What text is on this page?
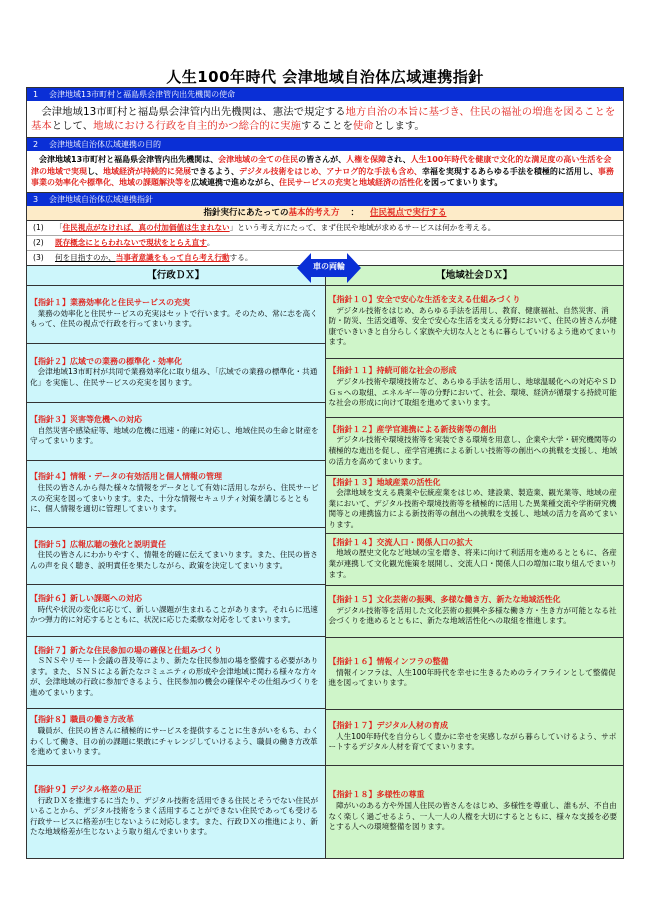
人生100年時代 会津地域自治体広域連携指針
1 会津地域13市町村と福島県会津管内出先機関の使命
会津地域13市町村と福島県会津管内出先機関は、憲法で規定する地方自治の本旨に基づき、住民の福祉の増進を図ることを基本として、地域における行政を自主的かつ総合的に実施することを使命とします。
2 会津地域自治体広域連携の目的
会津地域13市町村と福島県会津管内出先機関は、会津地域の全ての住民の皆さんが、人権を保障され、人生100年時代を健康で文化的な満足度の高い生活を会津の地域で実現し、地域経済が持続的に発展できるよう、デジタル技術をはじめ、アナログ的な手法も含め、幸福を実現するあらゆる手法を積極的に活用し、事務事業の効率化や標準化、地域の課題解決等を広域連携で進めながら、住民サービスの充実と地域経済の活性化を図ってまいります。
3 会津地域自治体広域連携指針
指針実行にあたっての基本的考え方 ： 住民視点で実行する
(1) 「住民視点がなければ、真の付加価値は生まれない」という考え方にたって、まず住民や地域が求めるサービスは何かを考える。
(2) 既存概念にとらわれないで現状をとらえ直す。
(3) 何を目指すのか、当事者意識をもって自ら考え行動する。
【行政ＤＸ】	【地域社会ＤＸ】
車の両輪
【指針１】業務効率化と住民サービスの充実
業務の効率化と住民サービスの充実はセットで行います。そのため、常に志を高くもって、住民の視点で行政を行ってまいります。
【指針２】広域での業務の標準化・効率化
会津地域13市町村が共同で業務効率化に取り組み、「広域での業務の標準化・共通化」を実施し、住民サービスの充実を図ります。
【指針３】災害等危機への対応
自然災害や感染症等、地域の危機に迅速・的確に対応し、地域住民の生命と財産を守ってまいります。
【指針４】情報・データの有効活用と個人情報の管理
住民の皆さんから得た様々な情報をデータとして有効に活用しながら、住民サービスの充実を図ってまいります。また、十分な情報セキュリティ対策を講じるとともに、個人情報を適切に管理してまいります。
【指針５】広報広聴の強化と説明責任
住民の皆さんにわかりやすく、情報を的確に伝えてまいります。また、住民の皆さんの声を良く聴き、説明責任を果たしながら、政策を決定してまいります。
【指針６】新しい課題への対応
時代や状況の変化に応じて、新しい課題が生まれることがあります。それらに迅速かつ弾力的に対応するとともに、状況に応じた柔軟な対応をしてまいります。
【指針７】新たな住民参加の場の確保と仕組みづくり
ＳＮＳやリモート会議の普及等により、新たな住民参加の場を整備する必要があります。また、ＳＮＳによる新たなコミュニティの形成や会津地域に関わる様々な方々が、会津地域の行政に参加できるよう、住民参加の機会の確保やその仕組みづくりを進めてまいります。
【指針８】職員の働き方改革
職員が、住民の皆さんに積極的にサービスを提供することに生きがいをもち、わくわくして働き、目の前の課題に果敢にチャレンジしていけるよう、職員の働き方改革を進めてまいります。
【指針９】デジタル格差の是正
行政ＤＸを推進するに当たり、デジタル技術を活用できる住民とそうでない住民がいることから、デジタル技術をうまく活用することができない住民であっても受ける行政サービスに格差が生じないように対応します。また、行政ＤＸの推進により、新たな地域格差が生じないよう取り組んでまいります。
【指針１０】安全で安心な生活を支える仕組みづくり
デジタル技術をはじめ、あらゆる手法を活用し、教育、健康福祉、自然災害、消防・防災、生活交通等、安全で安心な生活を支える分野において、住民の皆さんが健康でいきいきと自分らしく家族や大切な人とともに暮らしていけるよう進めてまいります。
【指針１１】持続可能な社会の形成
デジタル技術や環境技術など、あらゆる手法を活用し、地球温暖化への対応やＳＤＧｓへの取組、エネルギー等の分野において、社会、環境、経済が循環する持続可能な社会の形成に向けて取組を進めてまいります。
【指針１２】産学官連携による新技術等の創出
デジタル技術や環境技術等を実装できる環境を用意し、企業や大学・研究機関等の積極的な進出を促し、産学官連携による新しい技術等の創出への挑戦を支援し、地域の活力を高めてまいります。
【指針１３】地域産業の活性化
会津地域を支える農業や伝統産業をはじめ、建設業、製造業、観光業等、地域の産業において、デジタル技術や環境技術等を積極的に活用した異業種交流や学術研究機関等との連携協力による新技術等の創出への挑戦を支援し、地域の活力を高めてまいります。
【指針１４】交流人口・関係人口の拡大
地域の歴史文化など地域の宝を磨き、将来に向けて利活用を進めるとともに、各産業が連携して文化観光施策を展開し、交流人口・関係人口の増加に取り組んでまいります。
【指針１５】文化芸術の振興、多様な働き方、新たな地域活性化
デジタル技術等を活用した文化芸術の振興や多様な働き方・生き方が可能となる社会づくりを進めるとともに、新たな地域活性化への取組を推進します。
【指針１６】情報インフラの整備
情報インフラは、人生100年時代を幸せに生きるためのライフラインとして整備促進を図ってまいります。
【指針１７】デジタル人材の育成
人生100年時代を自分らしく豊かに幸せを実感しながら暮らしていけるよう、サポートするデジタル人材を育ててまいります。
【指針１８】多様性の尊重
障がいのある方や外国人住民の皆さんをはじめ、多様性を尊重し、誰もが、不自由なく楽しく過ごせるよう、一人一人の人権を大切にするとともに、様々な支援を必要とする人への環境整備を図ります。
